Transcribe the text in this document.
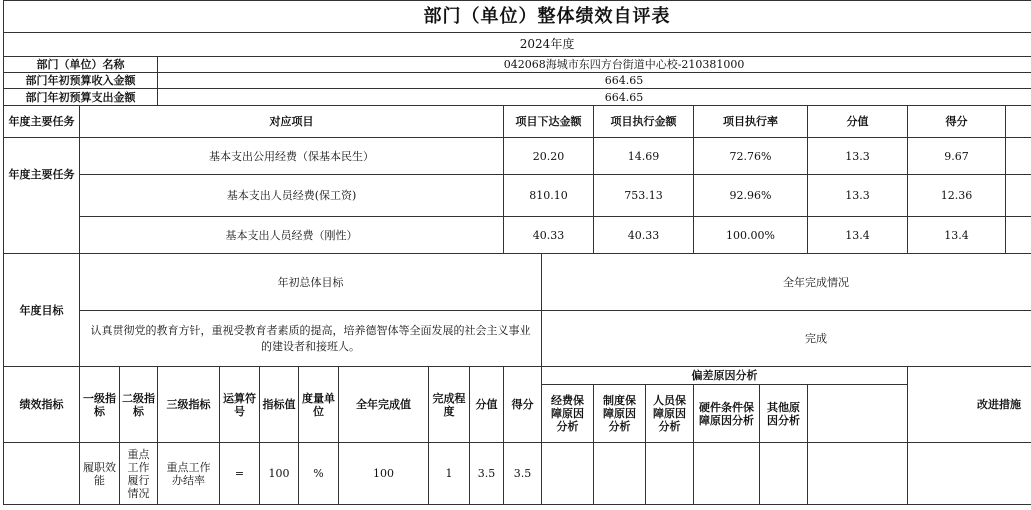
部门（单位）整体绩效自评表																		
2024年度																		
部门（单位）名称			042068海城市东四方台街道中心校-210381000															
部门年初预算收入金额			664.65															
部门年初预算支出金额			664.65															
年度主要任务	对应项目									项目下达金额		项目执行金额		项目执行率		分值	得分	
年度主要任务	基本支出公用经费（保基本民生）									20.20		14.69		72.76%		13.3	9.67	
	基本支出人员经费(保工资)									810.10		753.13		92.96%		13.3	12.36	
	基本支出人员经费（刚性）									40.33		40.33		100.00%		13.4	13.4	
年度目标	年初总体目标										全年完成情况							
	认真贯彻党的教育方针，重视受教育者素质的提高，培养德智体等全面发展的社会主义事业的建设者和接班人。										完成							
绩效指标	一级指标	二级指标	三级指标	运算符号	指标值	度量单位	全年完成值	完成程度	分值	得分	偏差原因分析						改进措施	
											经费保障原因分析	制度保障原因分析	人员保障原因分析	硬件条件保障原因分析	其他原因分析			
	履职效能	重点工作履行情况	重点工作办结率	=	100	%	100	1	3.5	3.5								
